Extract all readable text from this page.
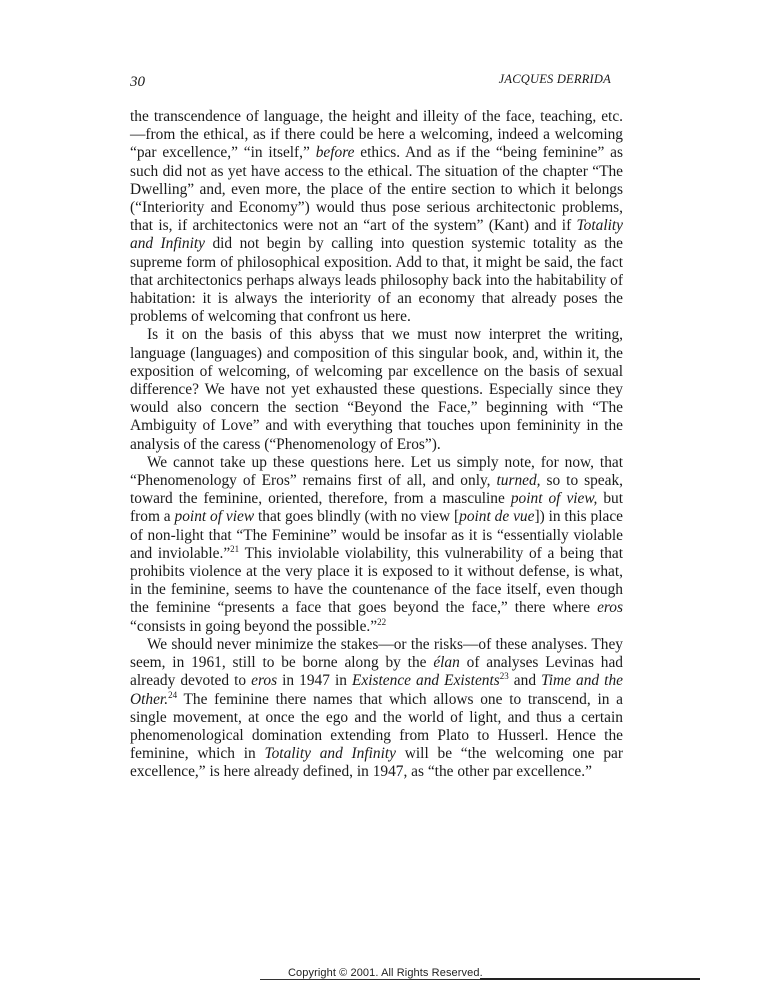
30	JACQUES DERRIDA

the transcendence of language, the height and illeity of the face, teaching, etc.—from the ethical, as if there could be here a welcoming, indeed a welcoming “par excellence,” “in itself,” before ethics. And as if the “being feminine” as such did not as yet have access to the ethical. The situation of the chapter “The Dwelling” and, even more, the place of the entire section to which it belongs (“Interiority and Economy”) would thus pose serious architectonic problems, that is, if architectonics were not an “art of the system” (Kant) and if Totality and Infinity did not begin by calling into question systemic totality as the supreme form of philosophical exposition. Add to that, it might be said, the fact that architectonics perhaps always leads philosophy back into the habitability of habitation: it is always the interiority of an economy that already poses the problems of welcoming that confront us here.

Is it on the basis of this abyss that we must now interpret the writing, language (languages) and composition of this singular book, and, within it, the exposition of welcoming, of welcoming par excellence on the basis of sexual difference? We have not yet exhausted these questions. Especially since they would also concern the section “Beyond the Face,” beginning with “The Ambiguity of Love” and with everything that touches upon femininity in the analysis of the caress (“Phenomenology of Eros”).

We cannot take up these questions here. Let us simply note, for now, that “Phenomenology of Eros” remains first of all, and only, turned, so to speak, toward the feminine, oriented, therefore, from a masculine point of view, but from a point of view that goes blindly (with no view [point de vue]) in this place of non-light that “The Feminine” would be insofar as it is “essentially violable and inviolable.”$^{21}$ This inviolable violability, this vulnerability of a being that prohibits violence at the very place it is exposed to it without defense, is what, in the feminine, seems to have the countenance of the face itself, even though the feminine “presents a face that goes beyond the face,” there where eros “consists in going beyond the possible.”$^{22}$

We should never minimize the stakes—or the risks—of these analyses. They seem, in 1961, still to be borne along by the élan of analyses Levinas had already devoted to eros in 1947 in Existence and Existents$^{23}$ and Time and the Other.$^{24}$ The feminine there names that which allows one to transcend, in a single movement, at once the ego and the world of light, and thus a certain phenomenological domination extending from Plato to Husserl. Hence the feminine, which in Totality and Infinity will be “the welcoming one par excellence,” is here already defined, in 1947, as “the other par excellence.”

Copyright © 2001. All Rights Reserved.
